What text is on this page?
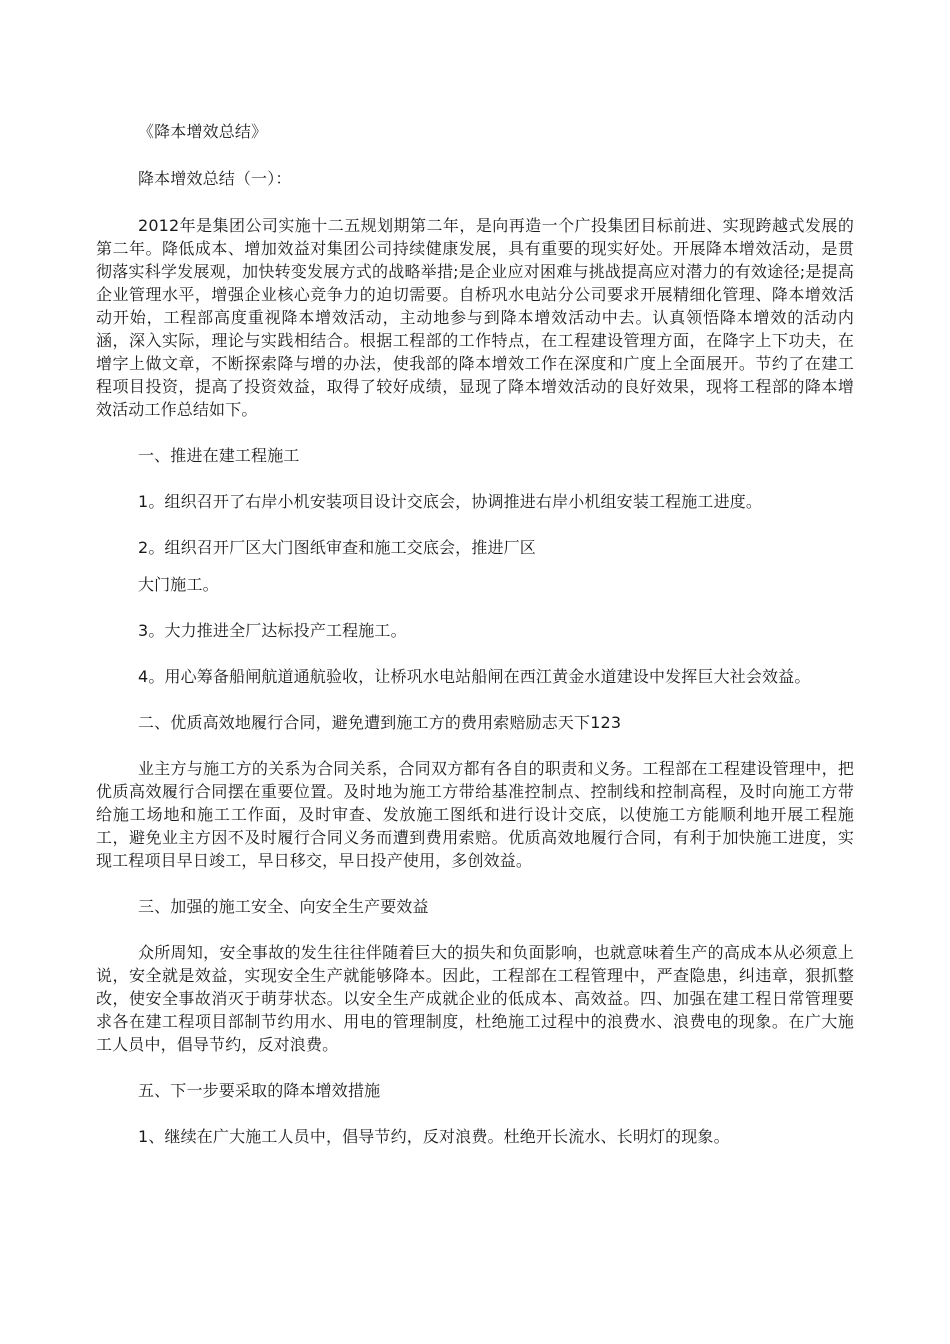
《降本增效总结》

降本增效总结（一）：

2012年是集团公司实施十二五规划期第二年，是向再造一个广投集团目标前进、实现跨越式发展的第二年。降低成本、增加效益对集团公司持续健康发展，具有重要的现实好处。开展降本增效活动，是贯彻落实科学发展观，加快转变发展方式的战略举措;是企业应对困难与挑战提高应对潜力的有效途径;是提高企业管理水平，增强企业核心竞争力的迫切需要。自桥巩水电站分公司要求开展精细化管理、降本增效活动开始，工程部高度重视降本增效活动，主动地参与到降本增效活动中去。认真领悟降本增效的活动内涵，深入实际，理论与实践相结合。根据工程部的工作特点，在工程建设管理方面，在降字上下功夫，在增字上做文章，不断探索降与增的办法，使我部的降本增效工作在深度和广度上全面展开。节约了在建工程项目投资，提高了投资效益，取得了较好成绩，显现了降本增效活动的良好效果，现将工程部的降本增效活动工作总结如下。

一、推进在建工程施工

1。组织召开了右岸小机安装项目设计交底会，协调推进右岸小机组安装工程施工进度。

2。组织召开厂区大门图纸审查和施工交底会，推进厂区

大门施工。

3。大力推进全厂达标投产工程施工。

4。用心筹备船闸航道通航验收，让桥巩水电站船闸在西江黄金水道建设中发挥巨大社会效益。

二、优质高效地履行合同，避免遭到施工方的费用索赔励志天下123

业主方与施工方的关系为合同关系，合同双方都有各自的职责和义务。工程部在工程建设管理中，把优质高效履行合同摆在重要位置。及时地为施工方带给基准控制点、控制线和控制高程，及时向施工方带给施工场地和施工工作面，及时审查、发放施工图纸和进行设计交底，以使施工方能顺利地开展工程施工，避免业主方因不及时履行合同义务而遭到费用索赔。优质高效地履行合同，有利于加快施工进度，实现工程项目早日竣工，早日移交，早日投产使用，多创效益。

三、加强的施工安全、向安全生产要效益

众所周知，安全事故的发生往往伴随着巨大的损失和负面影响，也就意味着生产的高成本从必须意上说，安全就是效益，实现安全生产就能够降本。因此，工程部在工程管理中，严查隐患，纠违章，狠抓整改，使安全事故消灭于萌芽状态。以安全生产成就企业的低成本、高效益。四、加强在建工程日常管理要求各在建工程项目部制节约用水、用电的管理制度，杜绝施工过程中的浪费水、浪费电的现象。在广大施工人员中，倡导节约，反对浪费。

五、下一步要采取的降本增效措施

1、继续在广大施工人员中，倡导节约，反对浪费。杜绝开长流水、长明灯的现象。
